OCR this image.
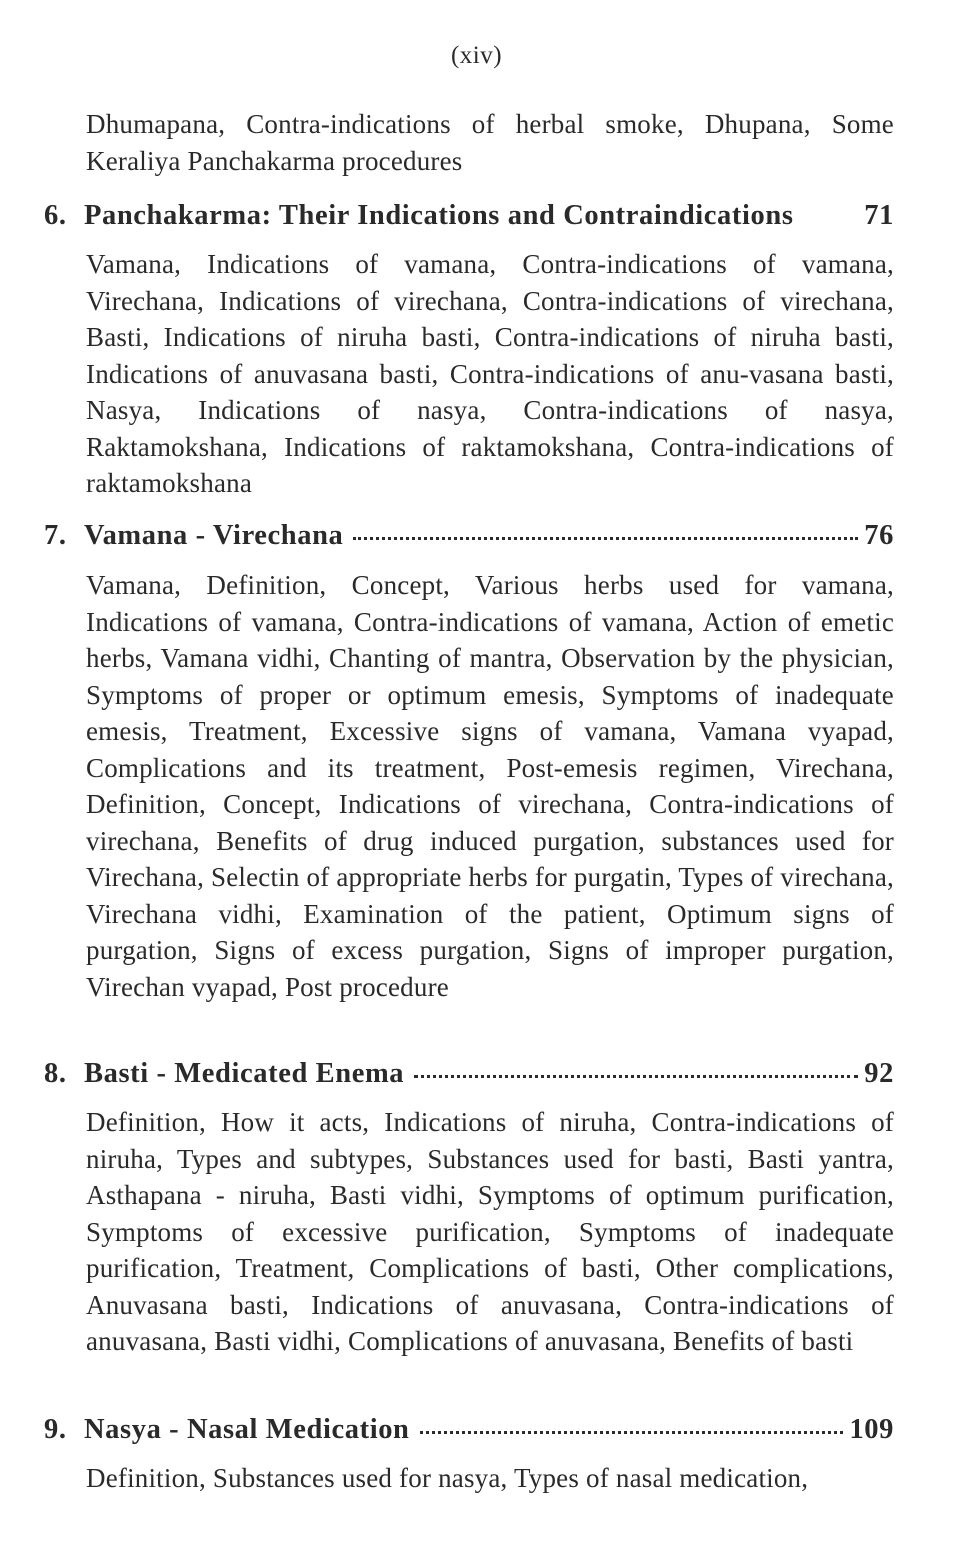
(xiv)
Dhumapana, Contra-indications of herbal smoke, Dhupana, Some Keraliya Panchakarma procedures
6. Panchakarma: Their Indications and Contraindications 71
Vamana, Indications of vamana, Contra-indications of vamana, Virechana, Indications of virechana, Contra-indications of virechana, Basti, Indications of niruha basti, Contra-indications of niruha basti, Indications of anuvasana basti, Contra-indications of anu-vasana basti, Nasya, Indications of nasya, Contra-indications of nasya, Raktamokshana, Indications of raktamokshana, Contra-indications of raktamokshana
7. Vamana - Virechana	76
Vamana, Definition, Concept, Various herbs used for vamana, Indications of vamana, Contra-indications of vamana, Action of emetic herbs, Vamana vidhi, Chanting of mantra, Observation by the physician, Symptoms of proper or optimum emesis, Symptoms of inadequate emesis, Treatment, Excessive signs of vamana, Vamana vyapad, Complications and its treatment, Post-emesis regimen, Virechana, Definition, Concept, Indications of virechana, Contra-indications of virechana, Benefits of drug induced purgation, substances used for Virechana, Selectin of appropriate herbs for purgatin, Types of virechana, Virechana vidhi, Examination of the patient, Optimum signs of purgation, Signs of excess purgation, Signs of improper purgation, Virechan vyapad, Post procedure
8. Basti - Medicated Enema	92
Definition, How it acts, Indications of niruha, Contra-indications of niruha, Types and subtypes, Substances used for basti, Basti yantra, Asthapana - niruha, Basti vidhi, Symptoms of optimum purification, Symptoms of excessive purification, Symptoms of inadequate purification, Treatment, Complications of basti, Other complications, Anuvasana basti, Indications of anuvasana, Contra-indications of anuvasana, Basti vidhi, Complications of anuvasana, Benefits of basti
9. Nasya - Nasal Medication	109
Definition, Substances used for nasya, Types of nasal medication,
